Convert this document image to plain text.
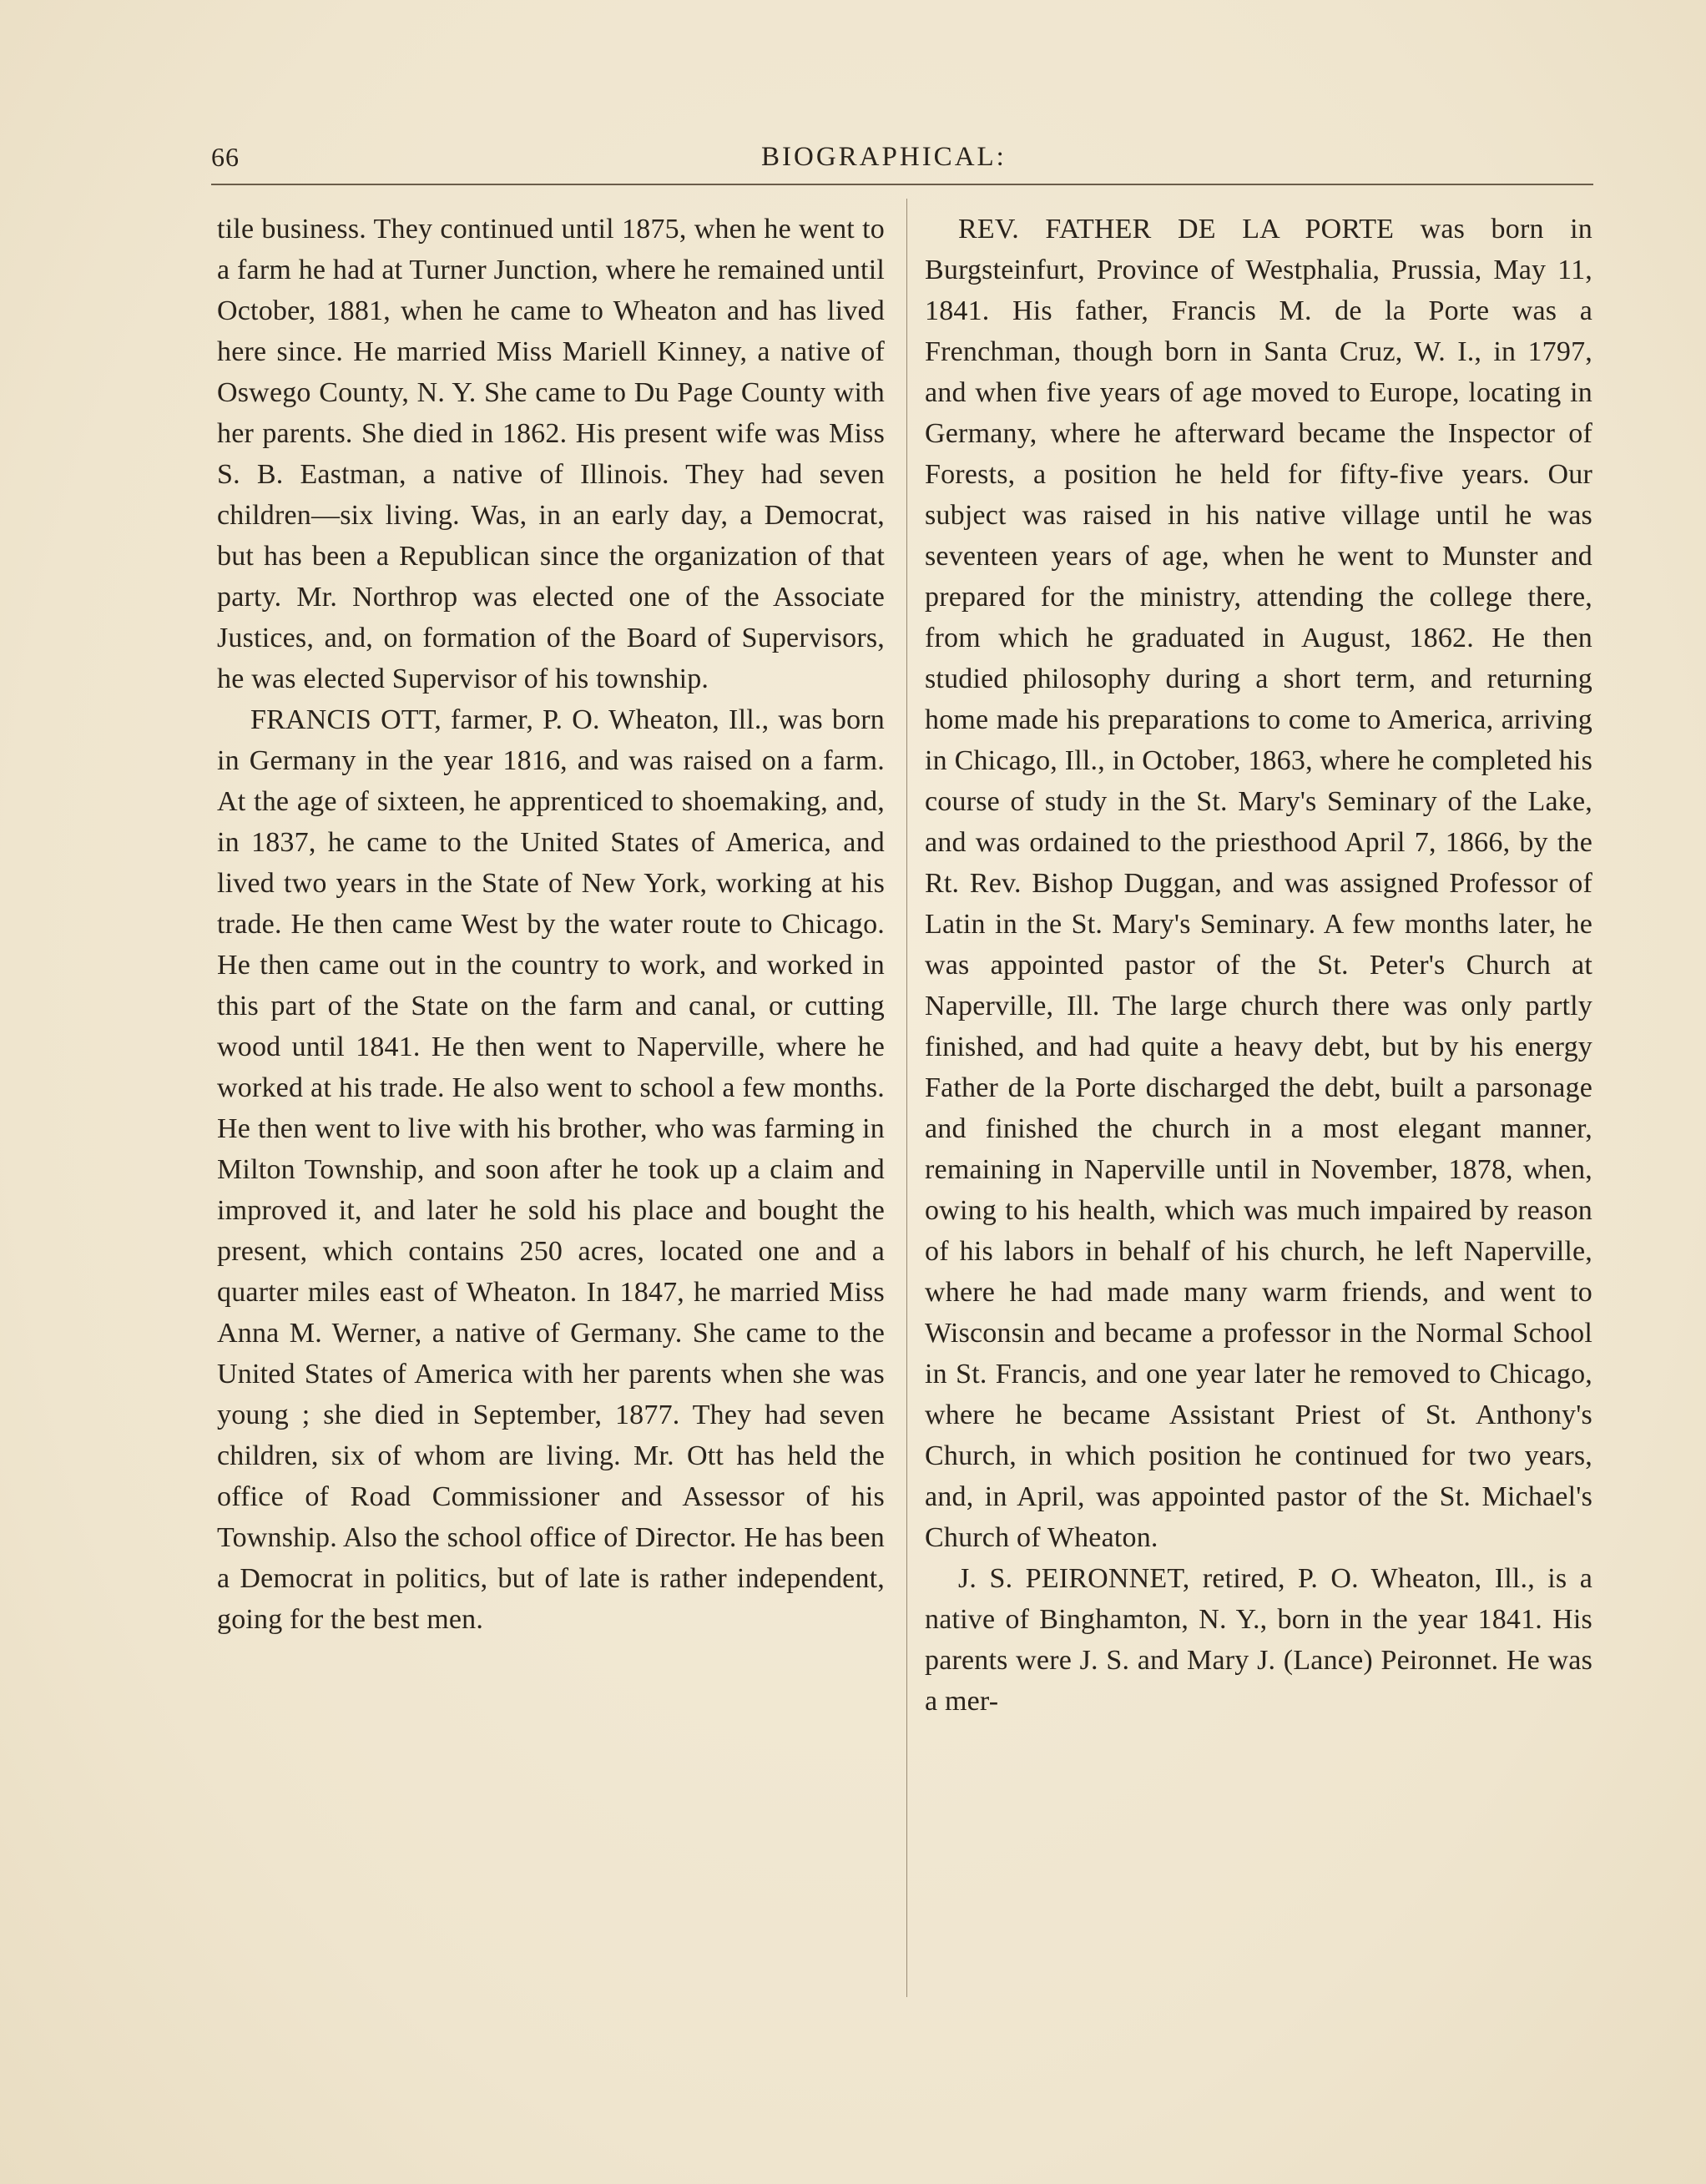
66	BIOGRAPHICAL:

tile business. They continued until 1875, when he went to a farm he had at Turner Junction, where he remained until October, 1881, when he came to Wheaton and has lived here since. He married Miss Mariell Kinney, a native of Oswego County, N. Y. She came to Du Page County with her parents. She died in 1862. His present wife was Miss S. B. Eastman, a native of Illinois. They had seven children—six living. Was, in an early day, a Democrat, but has been a Republican since the organization of that party. Mr. Northrop was elected one of the Associate Justices, and, on formation of the Board of Supervisors, he was elected Supervisor of his township.

FRANCIS OTT, farmer, P. O. Wheaton, Ill., was born in Germany in the year 1816, and was raised on a farm. At the age of sixteen, he apprenticed to shoemaking, and, in 1837, he came to the United States of America, and lived two years in the State of New York, working at his trade. He then came West by the water route to Chicago. He then came out in the country to work, and worked in this part of the State on the farm and canal, or cutting wood until 1841. He then went to Naperville, where he worked at his trade. He also went to school a few months. He then went to live with his brother, who was farming in Milton Township, and soon after he took up a claim and improved it, and later he sold his place and bought the present, which contains 250 acres, located one and a quarter miles east of Wheaton. In 1847, he married Miss Anna M. Werner, a native of Germany. She came to the United States of America with her parents when she was young ; she died in September, 1877. They had seven children, six of whom are living. Mr. Ott has held the office of Road Commissioner and Assessor of his Township. Also the school office of Director. He has been a Democrat in politics, but of late is rather independent, going for the best men.

REV. FATHER DE LA PORTE was born in Burgsteinfurt, Province of Westphalia, Prussia, May 11, 1841. His father, Francis M. de la Porte was a Frenchman, though born in Santa Cruz, W. I., in 1797, and when five years of age moved to Europe, locating in Germany, where he afterward became the Inspector of Forests, a position he held for fifty-five years. Our subject was raised in his native village until he was seventeen years of age, when he went to Munster and prepared for the ministry, attending the college there, from which he graduated in August, 1862. He then studied philosophy during a short term, and returning home made his preparations to come to America, arriving in Chicago, Ill., in October, 1863, where he completed his course of study in the St. Mary's Seminary of the Lake, and was ordained to the priesthood April 7, 1866, by the Rt. Rev. Bishop Duggan, and was assigned Professor of Latin in the St. Mary's Seminary. A few months later, he was appointed pastor of the St. Peter's Church at Naperville, Ill. The large church there was only partly finished, and had quite a heavy debt, but by his energy Father de la Porte discharged the debt, built a parsonage and finished the church in a most elegant manner, remaining in Naperville until in November, 1878, when, owing to his health, which was much impaired by reason of his labors in behalf of his church, he left Naperville, where he had made many warm friends, and went to Wisconsin and became a professor in the Normal School in St. Francis, and one year later he removed to Chicago, where he became Assistant Priest of St. Anthony's Church, in which position he continued for two years, and, in April, was appointed pastor of the St. Michael's Church of Wheaton.

J. S. PEIRONNET, retired, P. O. Wheaton, Ill., is a native of Binghamton, N. Y., born in the year 1841. His parents were J. S. and Mary J. (Lance) Peironnet. He was a mer-
